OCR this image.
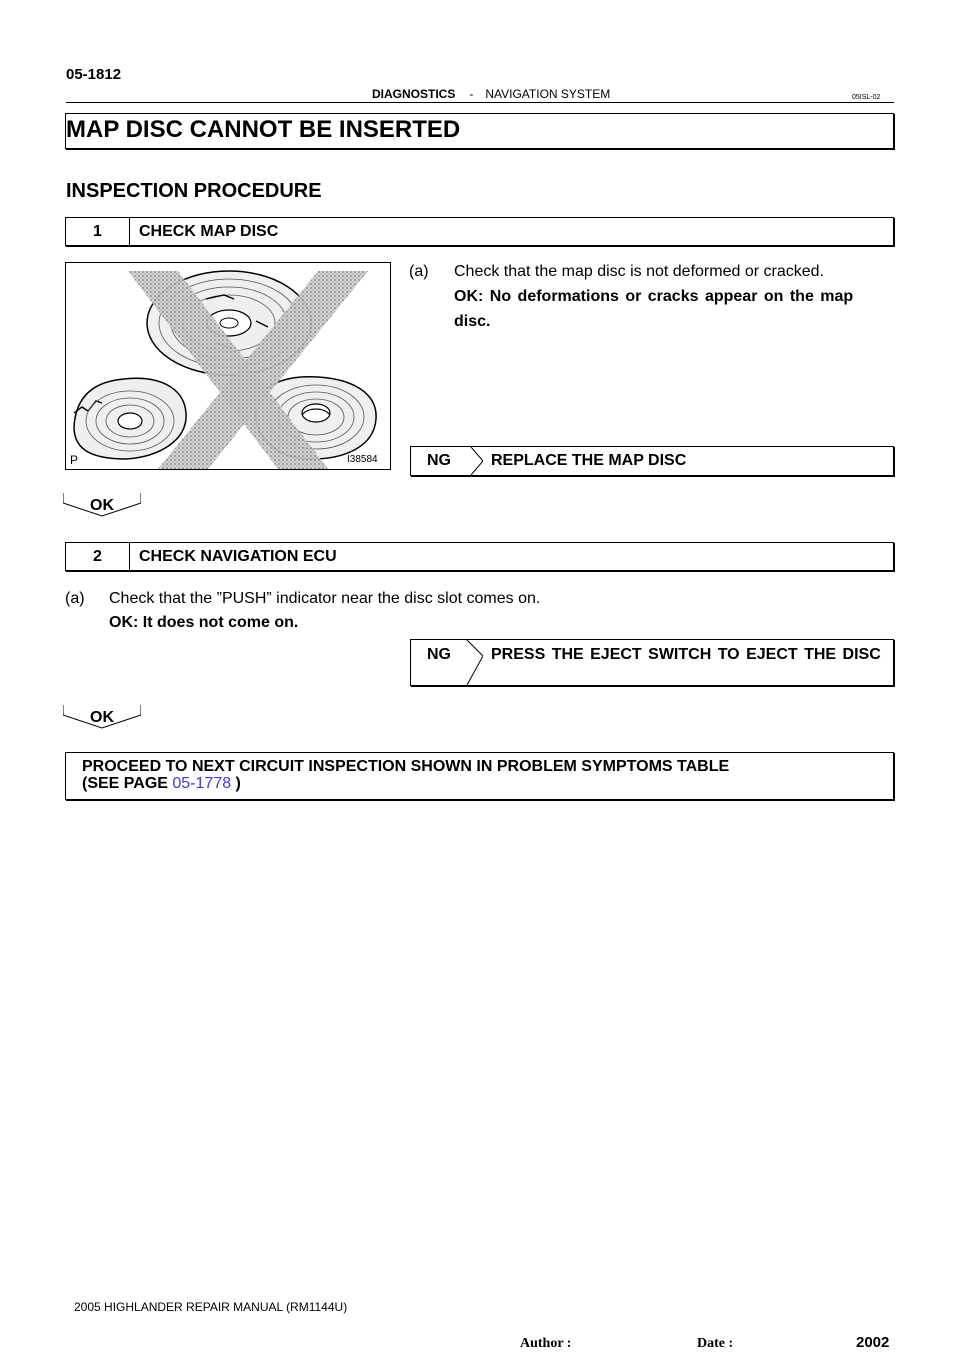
05-1812
DIAGNOSTICS - NAVIGATION SYSTEM	05ISL-02
MAP DISC CANNOT BE INSERTED
INSPECTION PROCEDURE
1	CHECK MAP DISC
P	I38584
(a) Check that the map disc is not deformed or cracked.
OK: No deformations or cracks appear on the map
disc.
NG	REPLACE THE MAP DISC
OK
2	CHECK NAVIGATION ECU
(a) Check that the ”PUSH” indicator near the disc slot comes on.
OK: It does not come on.
NG	PRESS THE EJECT SWITCH TO EJECT THE DISC
OK
PROCEED TO NEXT CIRCUIT INSPECTION SHOWN IN PROBLEM SYMPTOMS TABLE
(SEE PAGE 05-1778 )
2005 HIGHLANDER REPAIR MANUAL (RM1144U)
Author :	Date :	2002
